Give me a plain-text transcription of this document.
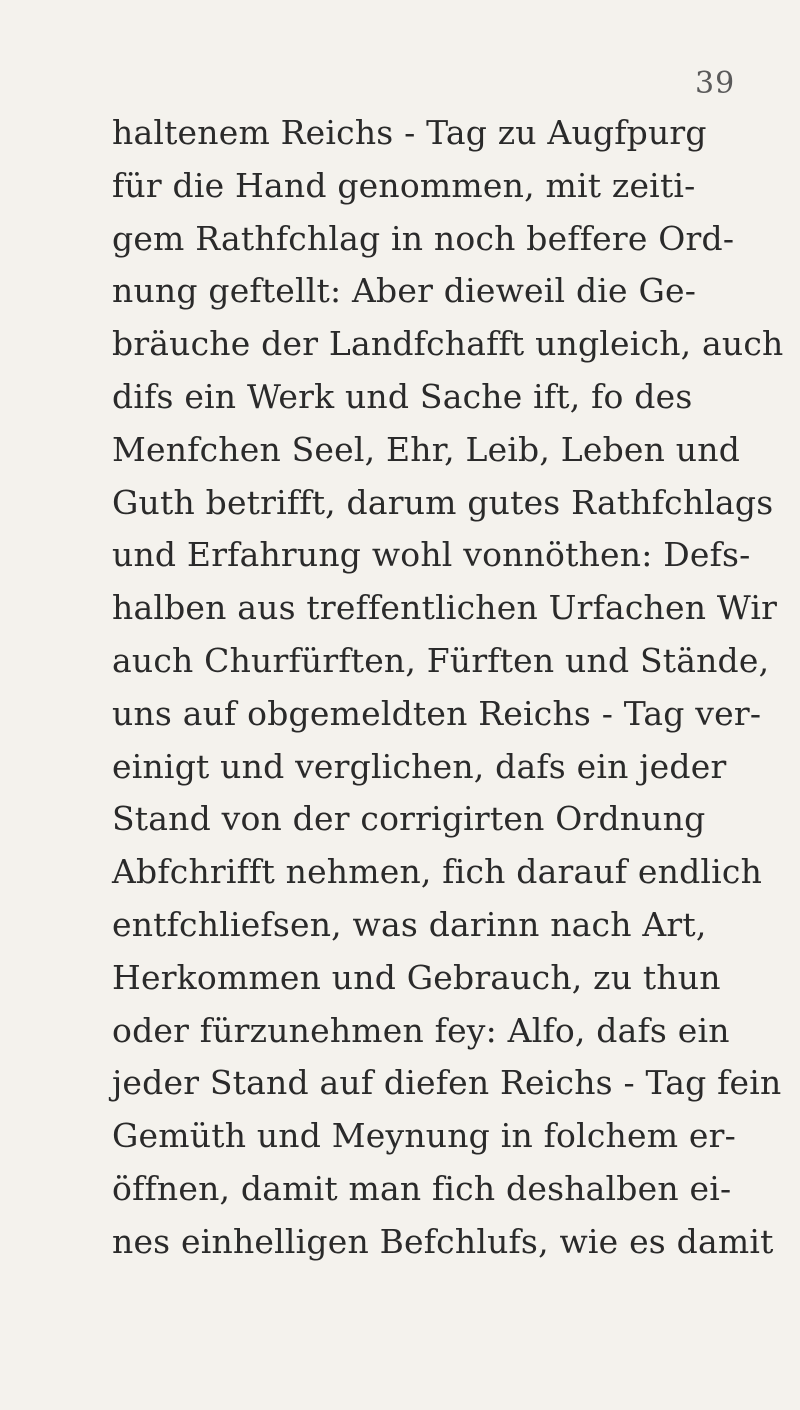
39
haltenem Reichs - Tag zu Augfpurg
für die Hand genommen, mit zeiti-
gem Rathfchlag in noch beffere Ord-
nung geftellt: Aber dieweil die Ge-
bräuche der Landfchafft ungleich, auch
difs ein Werk und Sache ift, fo des
Menfchen Seel, Ehr, Leib, Leben und
Guth betrifft, darum gutes Rathfchlags
und Erfahrung wohl vonnöthen: Defs-
halben aus treffentlichen Urfachen Wir
auch Churfürften, Fürften und Stände,
uns auf obgemeldten Reichs - Tag ver-
einigt und verglichen, dafs ein jeder
Stand von der corrigirten Ordnung
Abfchrifft nehmen, fich darauf endlich
entfchliefsen, was darinn nach Art,
Herkommen und Gebrauch, zu thun
oder fürzunehmen fey: Alfo, dafs ein
jeder Stand auf diefen Reichs - Tag fein
Gemüth und Meynung in folchem er-
öffnen, damit man fich deshalben ei-
nes einhelligen Befchlufs, wie es damit
